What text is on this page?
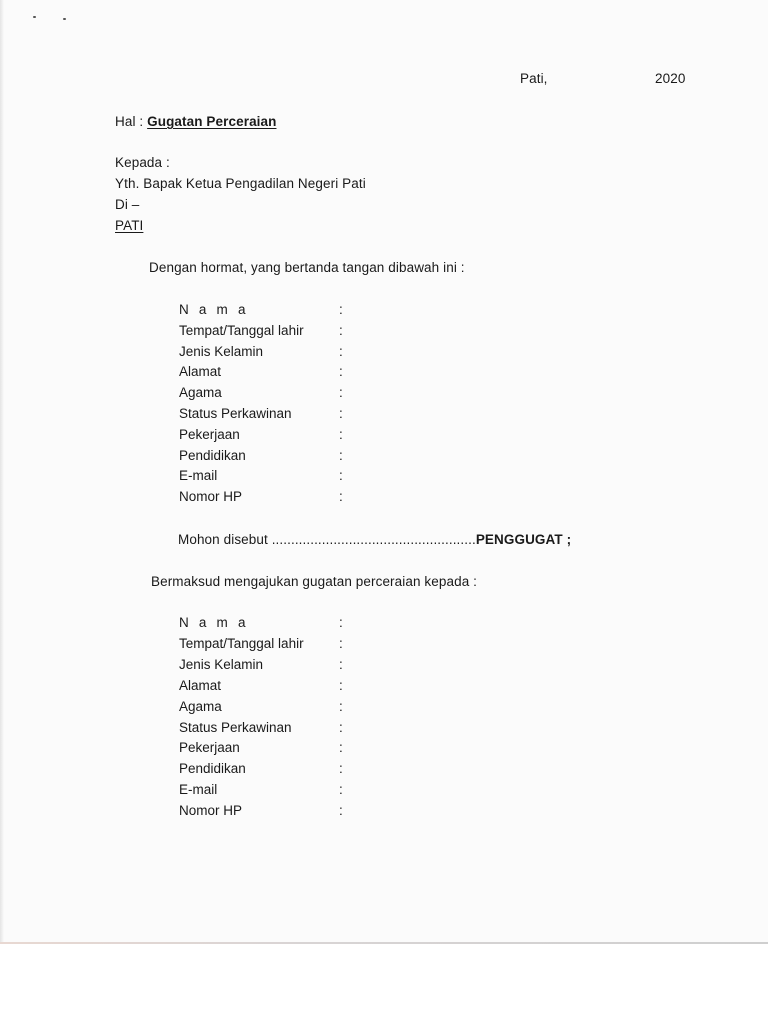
Pati,	2020
Hal : Gugatan Perceraian
Kepada :
Yth. Bapak Ketua Pengadilan Negeri Pati
Di –
PATI
Dengan hormat, yang bertanda tangan dibawah ini :
N a m a	:
Tempat/Tanggal lahir	:
Jenis Kelamin	:
Alamat	:
Agama	:
Status Perkawinan	:
Pekerjaan	:
Pendidikan	:
E-mail	:
Nomor HP	:
Mohon disebut .....................................................PENGGUGAT ;
Bermaksud mengajukan gugatan perceraian kepada :
N a m a	:
Tempat/Tanggal lahir	:
Jenis Kelamin	:
Alamat	:
Agama	:
Status Perkawinan	:
Pekerjaan	:
Pendidikan	:
E-mail	:
Nomor HP	:
